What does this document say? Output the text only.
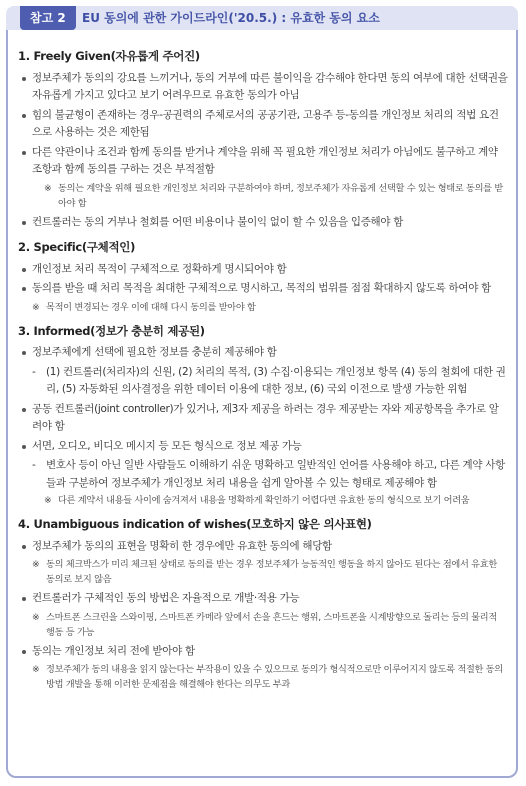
참고 2	EU 동의에 관한 가이드라인('20.5.) : 유효한 동의 요소
1. Freely Given(자유롭게 주어진)
정보주체가 동의의 강요를 느끼거나, 동의 거부에 따른 불이익을 감수해야 한다면 동의 여부에 대한 선택권을 자유롭게 가지고 있다고 보기 어려우므로 유효한 동의가 아님
힘의 불균형이 존재하는 경우-공권력의 주체로서의 공공기관, 고용주 등-동의를 개인정보 처리의 적법 요건으로 사용하는 것은 제한됨
다른 약관이나 조건과 함께 동의를 받거나 계약을 위해 꼭 필요한 개인정보 처리가 아님에도 불구하고 계약 조항과 함께 동의를 구하는 것은 부적절함
※ 동의는 계약을 위해 필요한 개인정보 처리와 구분하여야 하며, 정보주체가 자유롭게 선택할 수 있는 형태로 동의를 받아야 함
컨트롤러는 동의 거부나 철회를 어떤 비용이나 불이익 없이 할 수 있음을 입증해야 함
2. Specific(구체적인)
개인정보 처리 목적이 구체적으로 정확하게 명시되어야 함
동의를 받을 때 처리 목적을 최대한 구체적으로 명시하고, 목적의 범위를 점점 확대하지 않도록 하여야 함
※ 목적이 변경되는 경우 이에 대해 다시 동의를 받아야 함
3. Informed(정보가 충분히 제공된)
정보주체에게 선택에 필요한 정보를 충분히 제공해야 함
- (1) 컨트롤러(처리자)의 신원, (2) 처리의 목적, (3) 수집·이용되는 개인정보 항목 (4) 동의 철회에 대한 권리, (5) 자동화된 의사결정을 위한 데이터 이용에 대한 정보, (6) 국외 이전으로 발생 가능한 위험
공동 컨트롤러(joint controller)가 있거나, 제3자 제공을 하려는 경우 제공받는 자와 제공항목을 추가로 알려야 함
서면, 오디오, 비디오 메시지 등 모든 형식으로 정보 제공 가능
- 변호사 등이 아닌 일반 사람들도 이해하기 쉬운 명확하고 일반적인 언어를 사용해야 하고, 다른 계약 사항들과 구분하여 정보주체가 개인정보 처리 내용을 쉽게 알아볼 수 있는 형태로 제공해야 함
※ 다른 계약서 내용들 사이에 숨겨져서 내용을 명확하게 확인하기 어렵다면 유효한 동의 형식으로 보기 어려움
4. Unambiguous indication of wishes(모호하지 않은 의사표현)
정보주체가 동의의 표현을 명확히 한 경우에만 유효한 동의에 해당함
※ 동의 체크박스가 미리 체크된 상태로 동의를 받는 경우 정보주체가 능동적인 행동을 하지 않아도 된다는 점에서 유효한 동의로 보지 않음
컨트롤러가 구체적인 동의 방법은 자율적으로 개발·적용 가능
※ 스마트폰 스크린을 스와이핑, 스마트폰 카메라 앞에서 손을 흔드는 행위, 스마트폰을 시계방향으로 돌리는 등의 물리적 행동 등 가능
동의는 개인정보 처리 전에 받아야 함
※ 정보주체가 동의 내용을 읽지 않는다는 부작용이 있을 수 있으므로 동의가 형식적으로만 이루어지지 않도록 적절한 동의 방법 개발을 통해 이러한 문제점을 해결해야 한다는 의무도 부과
